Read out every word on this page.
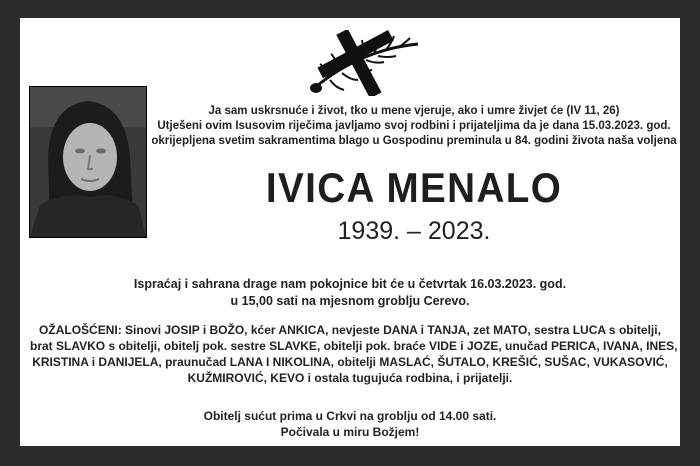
Ja sam uskrsnuće i život, tko u mene vjeruje, ako i umre živjet će (IV 11, 26)
Utješeni ovim Isusovim riječima javljamo svoj rodbini i prijateljima da je dana 15.03.2023. god.
okrijepljena svetim sakramentima blago u Gospodinu preminula u 84. godini života naša voljena
IVICA MENALO
1939. – 2023.
Ispraćaj i sahrana drage nam pokojnice bit će u četvrtak 16.03.2023. god.
u 15,00 sati na mjesnom groblju Cerevo.
OŽALOŠĆENI: Sinovi JOSIP i BOŽO, kćer ANKICA, nevjeste DANA i TANJA, zet MATO, sestra LUCA s obitelji,
brat SLAVKO s obitelji, obitelj pok. sestre SLAVKE, obitelji pok. braće VIDE i JOZE, unučad PERICA, IVANA, INES,
KRISTINA i DANIJELA, praunučad LANA I NIKOLINA, obitelji MASLAĆ, ŠUTALO, KREŠIĆ, SUŠAC, VUKASOVIĆ,
KUŽMIROVIĆ, KEVO i ostala tugujuća rodbina, i prijatelji.
Obitelj sućut prima u Crkvi na groblju od 14.00 sati.
Počivala u miru Božjem!
